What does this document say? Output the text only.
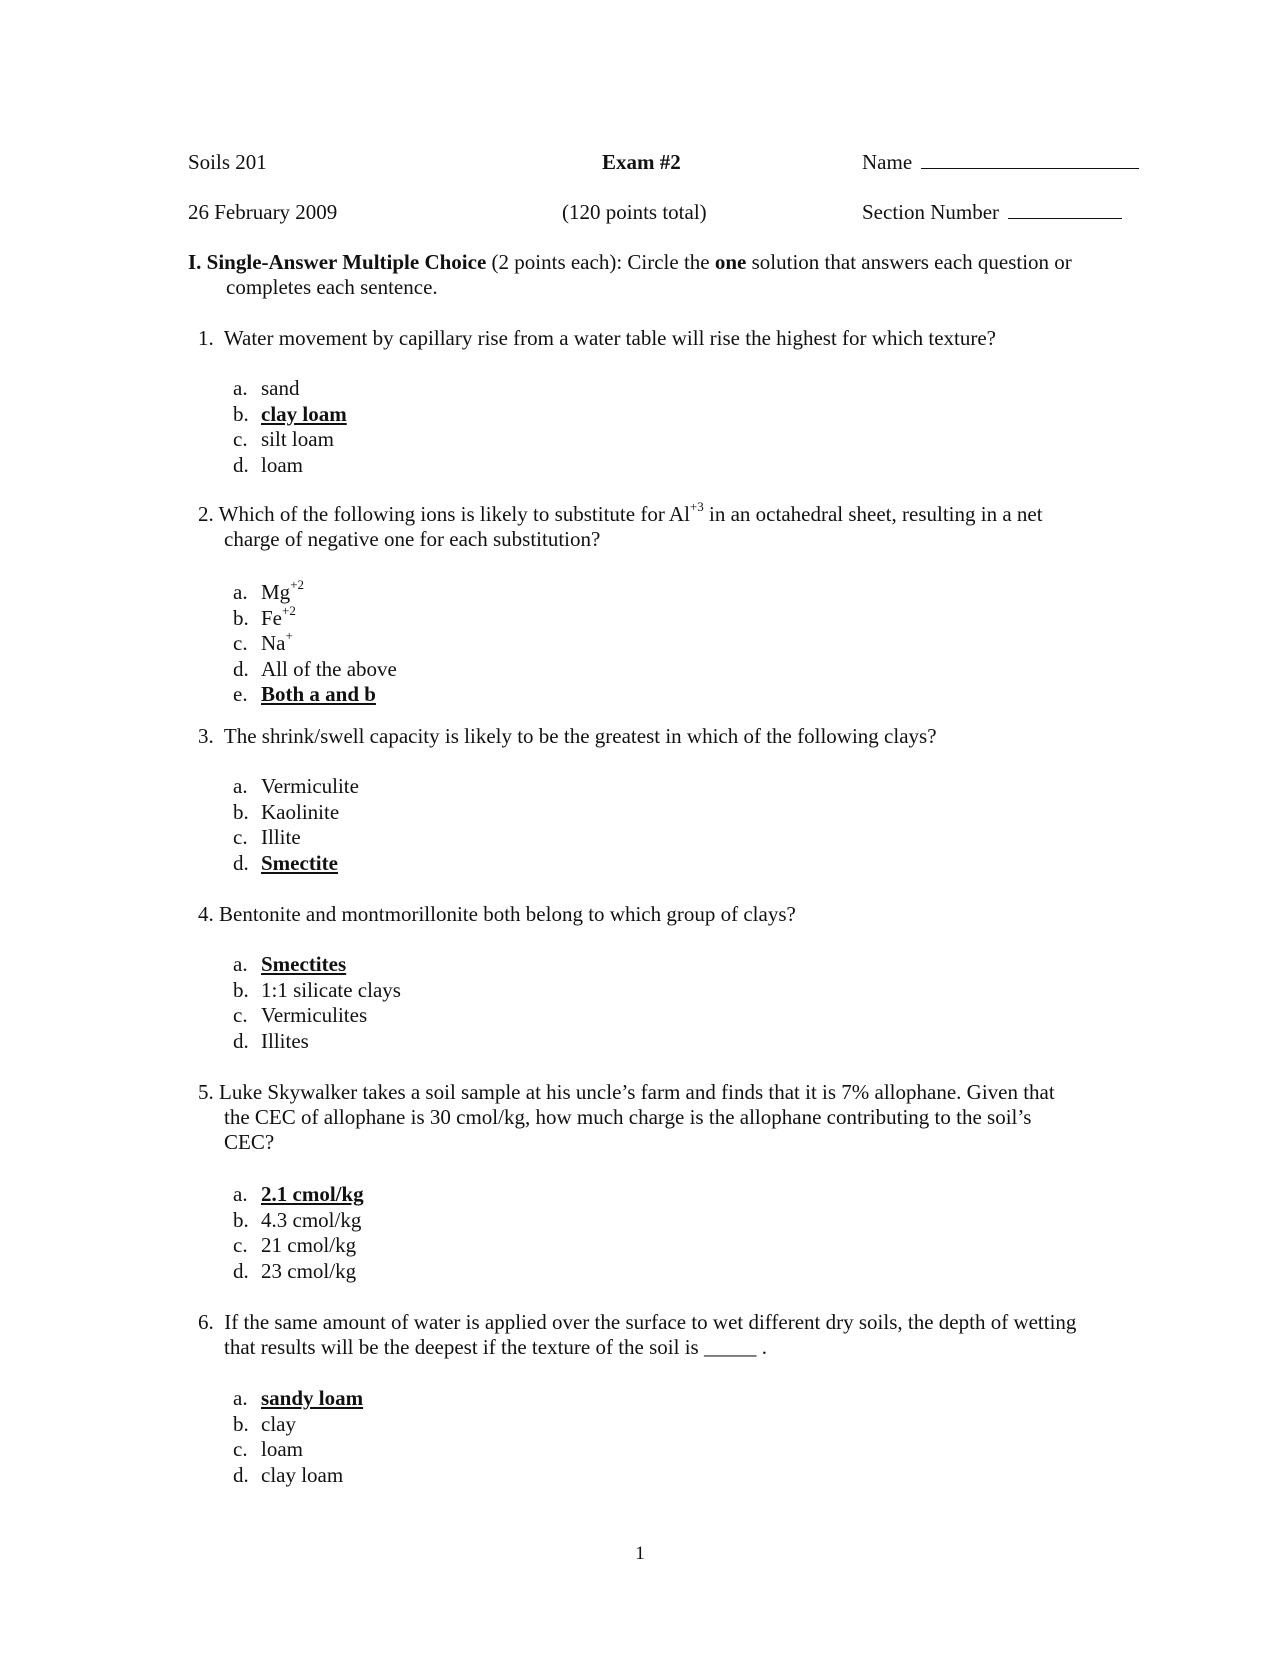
Soils 201	Exam #2	Name
26 February 2009	(120 points total)	Section Number
I. Single-Answer Multiple Choice (2 points each): Circle the one solution that answers each question or
completes each sentence.
1. Water movement by capillary rise from a water table will rise the highest for which texture?
a. sand
b. clay loam
c. silt loam
d. loam
2. Which of the following ions is likely to substitute for $Al^{+3}$ in an octahedral sheet, resulting in a net
charge of negative one for each substitution?
a. $Mg^{+2}$
b. $Fe^{+2}$
c. Na+
d. All of the above
e. Both a and b
3. The shrink/swell capacity is likely to be the greatest in which of the following clays?
a. Vermiculite
b. Kaolinite
c. Illite
d. Smectite
4. Bentonite and montmorillonite both belong to which group of clays?
a. Smectites
b. 1:1 silicate clays
c. Vermiculites
d. Illites
5. Luke Skywalker takes a soil sample at his uncle’s farm and finds that it is 7% allophane. Given that
the CEC of allophane is 30 cmol/kg, how much charge is the allophane contributing to the soil’s
CEC?
a. 2.1 cmol/kg
b. 4.3 cmol/kg
c. 21 cmol/kg
d. 23 cmol/kg
6. If the same amount of water is applied over the surface to wet different dry soils, the depth of wetting
that results will be the deepest if the texture of the soil is _____ .
a. sandy loam
b. clay
c. loam
d. clay loam
1
